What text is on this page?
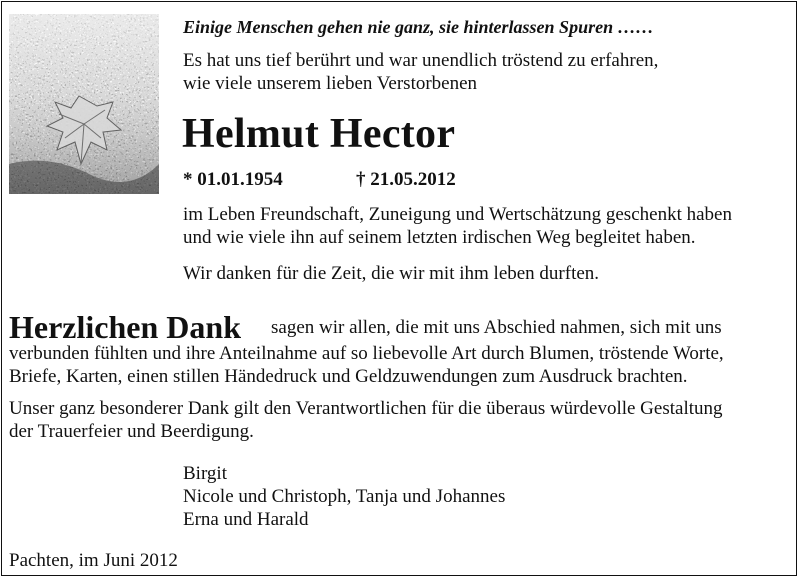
Einige Menschen gehen nie ganz, sie hinterlassen Spuren ……
Es hat uns tief berührt und war unendlich tröstend zu erfahren,
wie viele unserem lieben Verstorbenen
Helmut Hector
* 01.01.1954	† 21.05.2012
im Leben Freundschaft, Zuneigung und Wertschätzung geschenkt haben
und wie viele ihn auf seinem letzten irdischen Weg begleitet haben.
Wir danken für die Zeit, die wir mit ihm leben durften.
Herzlichen Dank sagen wir allen, die mit uns Abschied nahmen, sich mit uns
verbunden fühlten und ihre Anteilnahme auf so liebevolle Art durch Blumen, tröstende Worte,
Briefe, Karten, einen stillen Händedruck und Geldzuwendungen zum Ausdruck brachten.
Unser ganz besonderer Dank gilt den Verantwortlichen für die überaus würdevolle Gestaltung
der Trauerfeier und Beerdigung.
Birgit
Nicole und Christoph, Tanja und Johannes
Erna und Harald
Pachten, im Juni 2012
